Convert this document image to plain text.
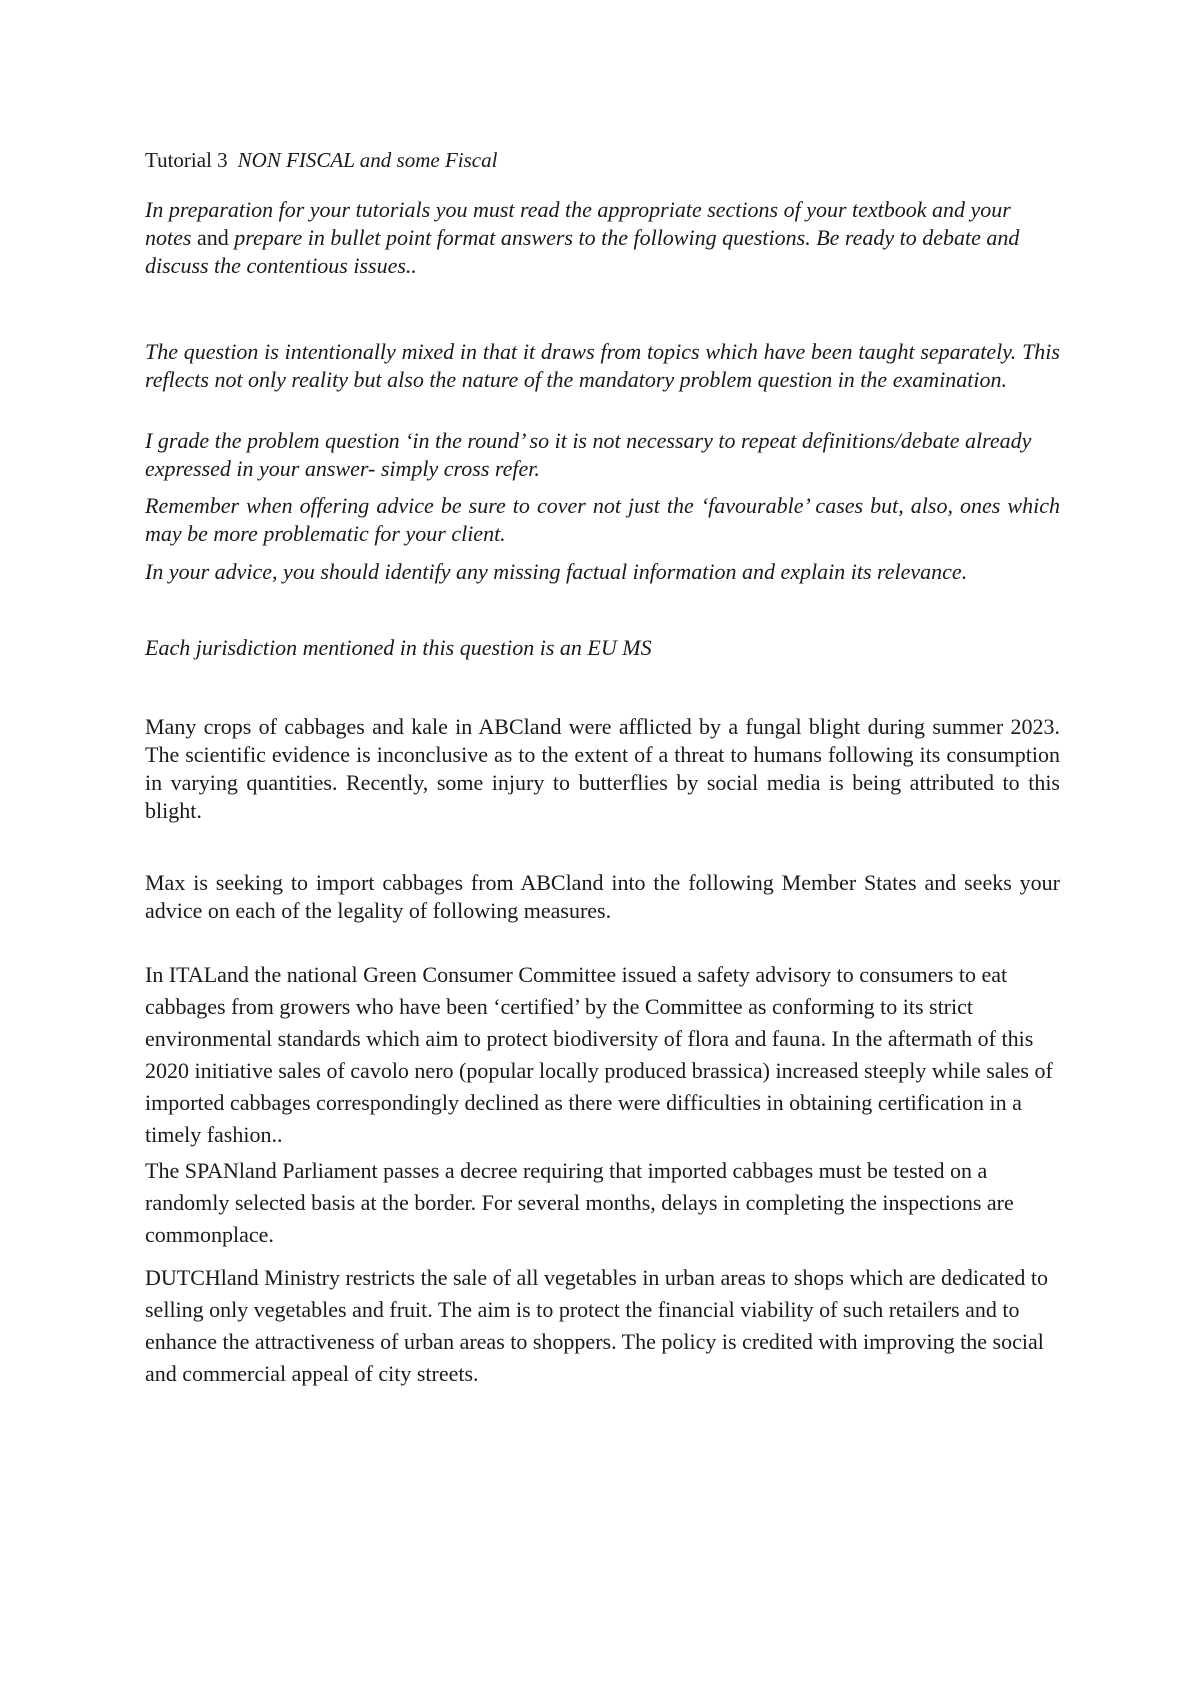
Tutorial 3 NON FISCAL and some Fiscal

In preparation for your tutorials you must read the appropriate sections of your textbook and your notes and prepare in bullet point format answers to the following questions. Be ready to debate and discuss the contentious issues..

The question is intentionally mixed in that it draws from topics which have been taught separately. This reflects not only reality but also the nature of the mandatory problem question in the examination.

I grade the problem question ‘in the round’ so it is not necessary to repeat definitions/debate already expressed in your answer- simply cross refer.

Remember when offering advice be sure to cover not just the ‘favourable’ cases but, also, ones which may be more problematic for your client.

In your advice, you should identify any missing factual information and explain its relevance.

Each jurisdiction mentioned in this question is an EU MS

Many crops of cabbages and kale in ABCland were afflicted by a fungal blight during summer 2023. The scientific evidence is inconclusive as to the extent of a threat to humans following its consumption in varying quantities. Recently, some injury to butterflies by social media is being attributed to this blight.

Max is seeking to import cabbages from ABCland into the following Member States and seeks your advice on each of the legality of following measures.

In ITALand the national Green Consumer Committee issued a safety advisory to consumers to eat cabbages from growers who have been ‘certified’ by the Committee as conforming to its strict environmental standards which aim to protect biodiversity of flora and fauna. In the aftermath of this 2020 initiative sales of cavolo nero (popular locally produced brassica) increased steeply while sales of imported cabbages correspondingly declined as there were difficulties in obtaining certification in a timely fashion..

The SPANland Parliament passes a decree requiring that imported cabbages must be tested on a randomly selected basis at the border. For several months, delays in completing the inspections are commonplace.

DUTCHland Ministry restricts the sale of all vegetables in urban areas to shops which are dedicated to selling only vegetables and fruit. The aim is to protect the financial viability of such retailers and to enhance the attractiveness of urban areas to shoppers. The policy is credited with improving the social and commercial appeal of city streets.
